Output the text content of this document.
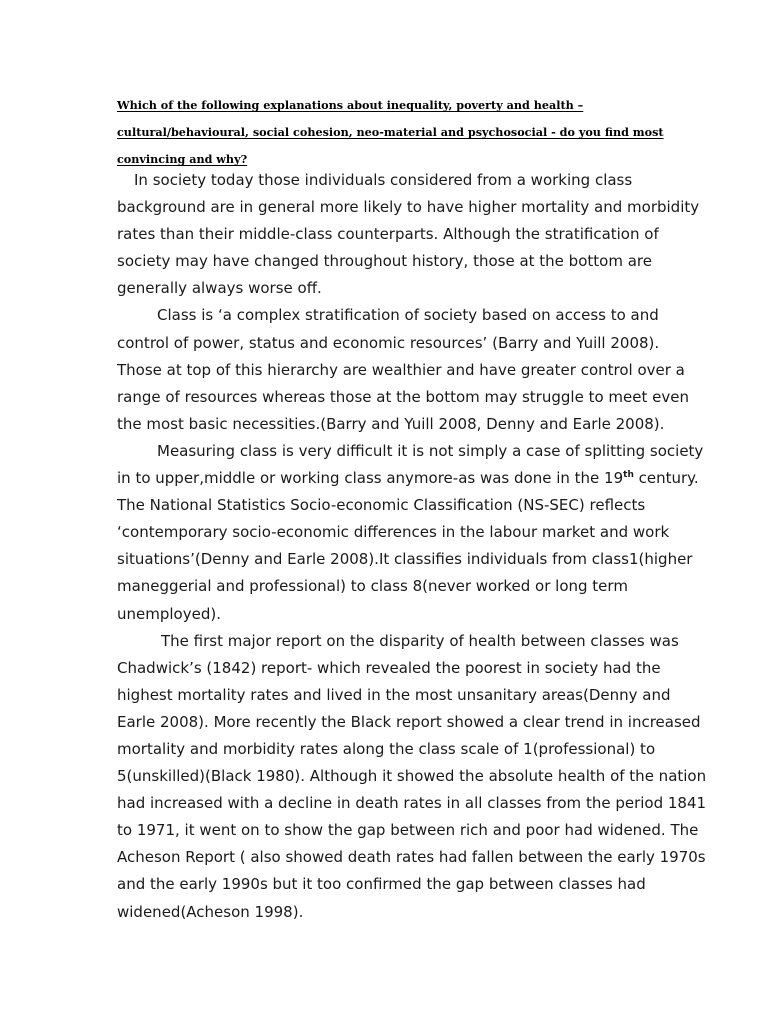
Which of the following explanations about inequality, poverty and health – cultural/behavioural, social cohesion, neo-material and psychosocial - do you find most convincing and why?

In society today those individuals considered from a working class background are in general more likely to have higher mortality and morbidity rates than their middle-class counterparts. Although the stratification of society may have changed throughout history, those at the bottom are generally always worse off.

Class is ‘a complex stratification of society based on access to and control of power, status and economic resources’ (Barry and Yuill 2008). Those at top of this hierarchy are wealthier and have greater control over a range of resources whereas those at the bottom may struggle to meet even the most basic necessities.(Barry and Yuill 2008, Denny and Earle 2008).

Measuring class is very difficult it is not simply a case of splitting society in to upper,middle or working class anymore-as was done in the 19th century. The National Statistics Socio-economic Classification (NS-SEC) reflects ‘contemporary socio-economic differences in the labour market and work situations’(Denny and Earle 2008).It classifies individuals from class1(higher maneggerial and professional) to class 8(never worked or long term unemployed).

The first major report on the disparity of health between classes was Chadwick’s (1842) report- which revealed the poorest in society had the highest mortality rates and lived in the most unsanitary areas(Denny and Earle 2008). More recently the Black report showed a clear trend in increased mortality and morbidity rates along the class scale of 1(professional) to 5(unskilled)(Black 1980). Although it showed the absolute health of the nation had increased with a decline in death rates in all classes from the period 1841 to 1971, it went on to show the gap between rich and poor had widened. The Acheson Report ( also showed death rates had fallen between the early 1970s and the early 1990s but it too confirmed the gap between classes had widened(Acheson 1998).
